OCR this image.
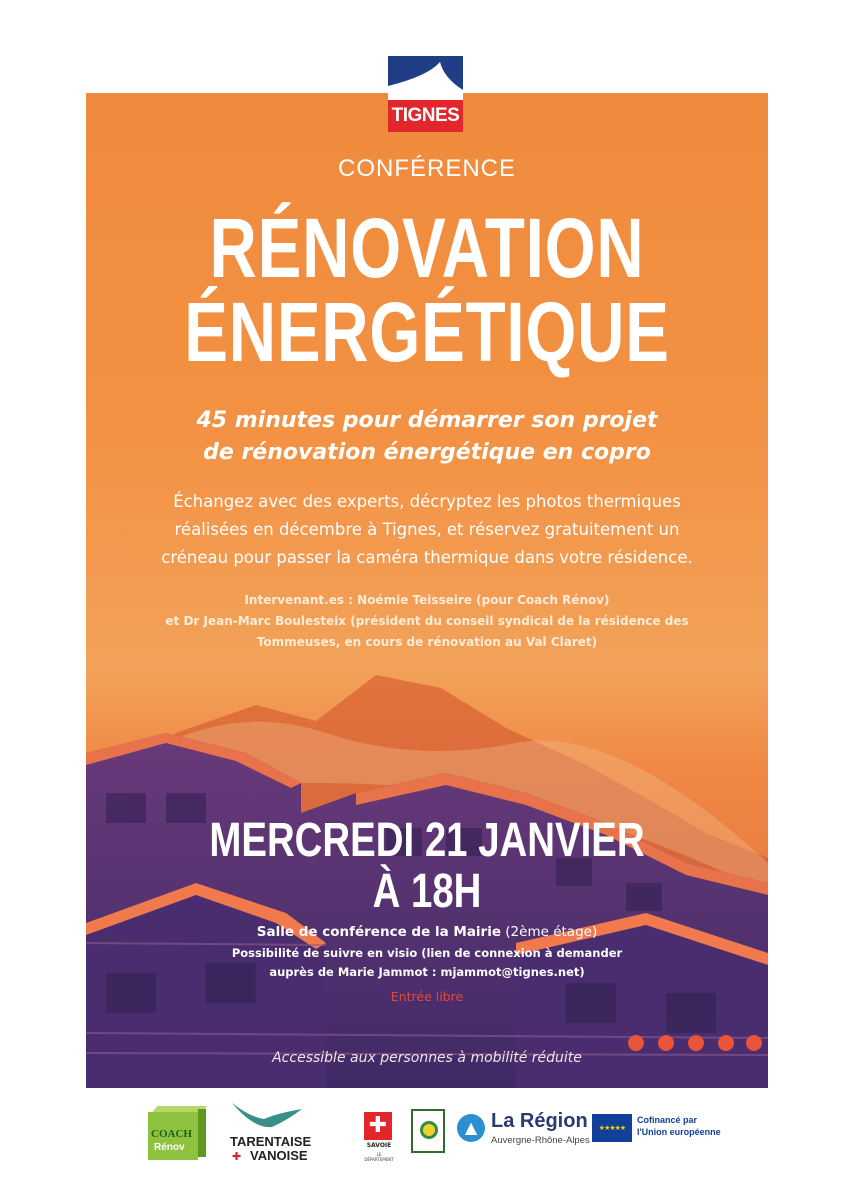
TIGNES
CONFÉRENCE
RÉNOVATION
ÉNERGÉTIQUE
45 minutes pour démarrer son projet
de rénovation énergétique en copro
Échangez avec des experts, décryptez les photos thermiques
réalisées en décembre à Tignes, et réservez gratuitement un
créneau pour passer la caméra thermique dans votre résidence.
Intervenant.es : Noémie Teisseire (pour Coach Rénov)
et Dr Jean-Marc Boulesteix (président du conseil syndical de la résidence des
Tommeuses, en cours de rénovation au Val Claret)
MERCREDI 21 JANVIER
À 18H
Salle de conférence de la Mairie (2ème étage)
Possibilité de suivre en visio (lien de connexion à demander
auprès de Marie Jammot : mjammot@tignes.net)
Entrée libre
Accessible aux personnes à mobilité réduite
COACH
Rénov	TARENTAISE
✚ VANOISE
✚
SAVOIE
LE DÉPARTEMENT
▲ La Région
Auvergne-Rhône-Alpes
★★★★★
Cofinancé par
l'Union européenne
